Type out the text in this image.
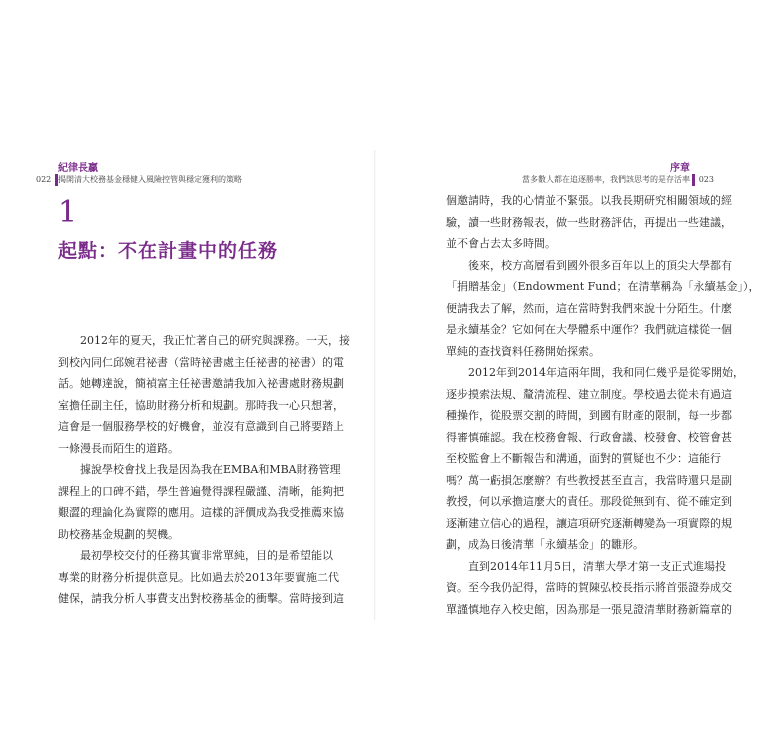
022
紀律長贏
揭開清大校務基金穩健入風險控管與穩定獲利的策略	023
序章
當多數人都在追逐勝率，我們該思考的是存活率
1
起點：不在計畫中的任務
　　2012年的夏天，我正忙著自己的研究與課務。一天，接
到校內同仁邱婉君祕書（當時祕書處主任祕書的祕書）的電
話。她轉達說，簡禎富主任祕書邀請我加入祕書處財務規劃
室擔任副主任，協助財務分析和規劃。那時我一心只想著，
這會是一個服務學校的好機會，並沒有意識到自己將要踏上
一條漫長而陌生的道路。
　　據說學校會找上我是因為我在EMBA和MBA財務管理
課程上的口碑不錯，學生普遍覺得課程嚴謹、清晰，能夠把
艱澀的理論化為實際的應用。這樣的評價成為我受推薦來協
助校務基金規劃的契機。
　　最初學校交付的任務其實非常單純，目的是希望能以
專業的財務分析提供意見。比如過去於2013年要實施二代
健保，請我分析人事費支出對校務基金的衝擊。當時接到這
個邀請時，我的心情並不緊張。以我長期研究相關領域的經
驗，讀一些財務報表，做一些財務評估，再提出一些建議，
並不會占去太多時間。
　　後來，校方高層看到國外很多百年以上的頂尖大學都有
「捐贈基金」（Endowment Fund；在清華稱為「永續基金」），
便請我去了解，然而，這在當時對我們來說十分陌生。什麼
是永續基金？它如何在大學體系中運作？我們就這樣從一個
單純的查找資料任務開始探索。
　　2012年到2014年這兩年間，我和同仁幾乎是從零開始，
逐步摸索法規、釐清流程、建立制度。學校過去從未有過這
種操作，從股票交割的時間，到國有財產的限制，每一步都
得審慎確認。我在校務會報、行政會議、校發會、校管會甚
至校監會上不斷報告和溝通，面對的質疑也不少：這能行
嗎？萬一虧損怎麼辦？有些教授甚至直言，我當時還只是副
教授，何以承擔這麼大的責任。那段從無到有、從不確定到
逐漸建立信心的過程，讓這項研究逐漸轉變為一項實際的規
劃，成為日後清華「永續基金」的雛形。
　　直到2014年11月5日，清華大學才第一支正式進場投
資。至今我仍記得，當時的賀陳弘校長指示將首張證券成交
單謹慎地存入校史館，因為那是一張見證清華財務新篇章的
